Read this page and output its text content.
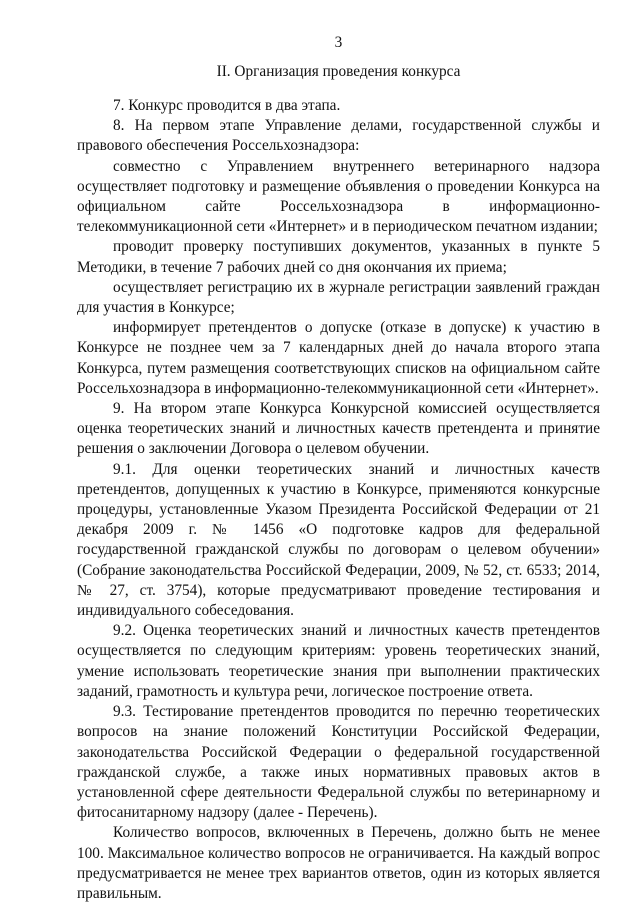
3

II. Организация проведения конкурса

7. Конкурс проводится в два этапа.

8. На первом этапе Управление делами, государственной службы и правового обеспечения Россельхознадзора:

совместно с Управлением внутреннего ветеринарного надзора осуществляет подготовку и размещение объявления о проведении Конкурса на официальном сайте Россельхознадзора в информационно-телекоммуникационной сети «Интернет» и в периодическом печатном издании;

проводит проверку поступивших документов, указанных в пункте 5 Методики, в течение 7 рабочих дней со дня окончания их приема;

осуществляет регистрацию их в журнале регистрации заявлений граждан для участия в Конкурсе;

информирует претендентов о допуске (отказе в допуске) к участию в Конкурсе не позднее чем за 7 календарных дней до начала второго этапа Конкурса, путем размещения соответствующих списков на официальном сайте Россельхознадзора в информационно-телекоммуникационной сети «Интернет».

9. На втором этапе Конкурса Конкурсной комиссией осуществляется оценка теоретических знаний и личностных качеств претендента и принятие решения о заключении Договора о целевом обучении.

9.1. Для оценки теоретических знаний и личностных качеств претендентов, допущенных к участию в Конкурсе, применяются конкурсные процедуры, установленные Указом Президента Российской Федерации от 21 декабря 2009 г. № 1456 «О подготовке кадров для федеральной государственной гражданской службы по договорам о целевом обучении» (Собрание законодательства Российской Федерации, 2009, № 52, ст. 6533; 2014, № 27, ст. 3754), которые предусматривают проведение тестирования и индивидуального собеседования.

9.2. Оценка теоретических знаний и личностных качеств претендентов осуществляется по следующим критериям: уровень теоретических знаний, умение использовать теоретические знания при выполнении практических заданий, грамотность и культура речи, логическое построение ответа.

9.3. Тестирование претендентов проводится по перечню теоретических вопросов на знание положений Конституции Российской Федерации, законодательства Российской Федерации о федеральной государственной гражданской службе, а также иных нормативных правовых актов в установленной сфере деятельности Федеральной службы по ветеринарному и фитосанитарному надзору (далее - Перечень).

Количество вопросов, включенных в Перечень, должно быть не менее 100. Максимальное количество вопросов не ограничивается. На каждый вопрос предусматривается не менее трех вариантов ответов, один из которых является правильным.
